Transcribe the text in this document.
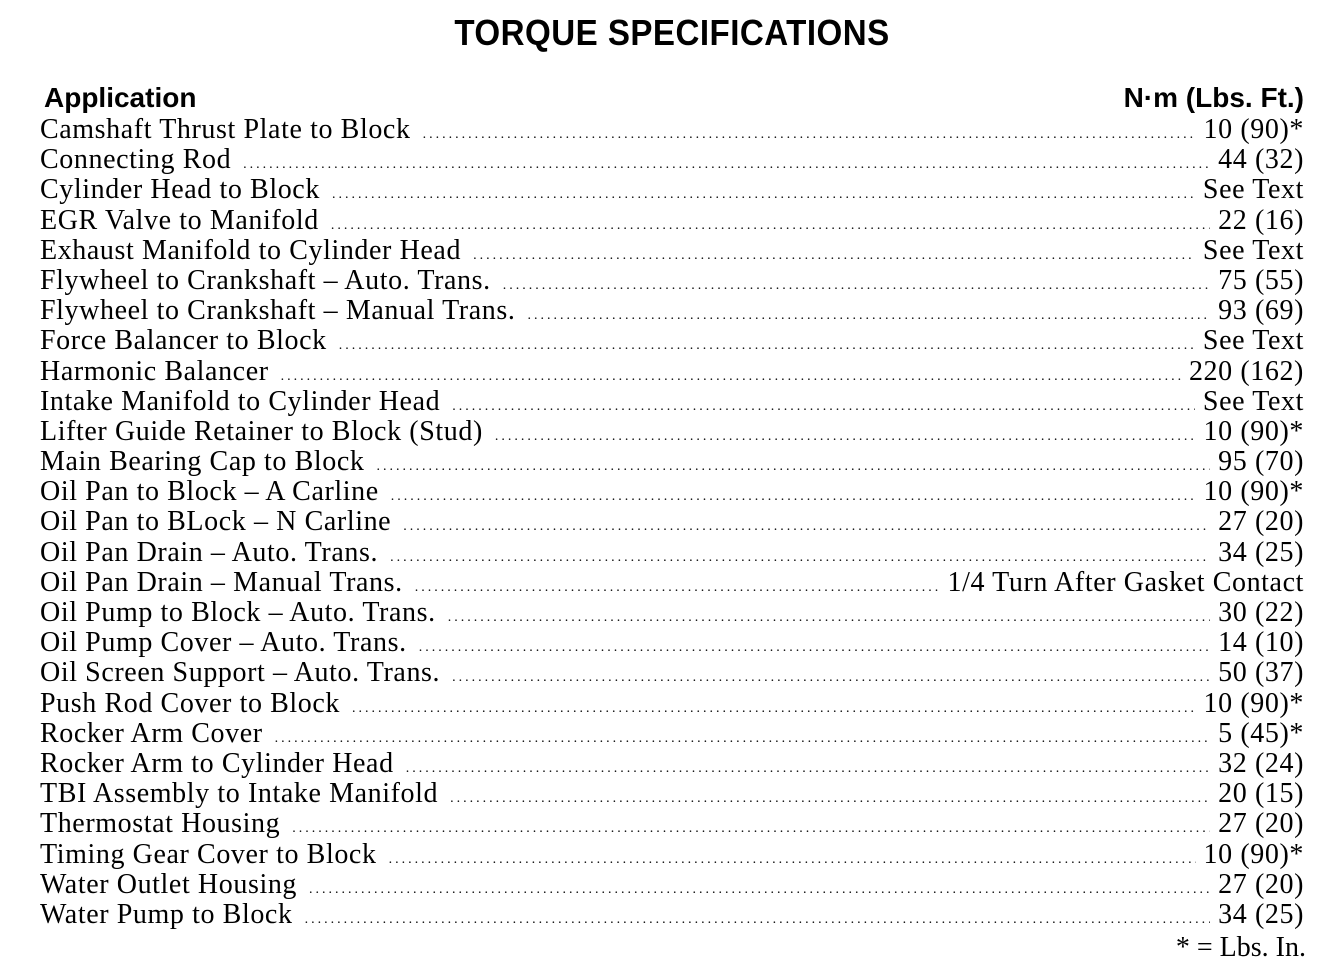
TORQUE SPECIFICATIONS
Application	N·m (Lbs. Ft.)
Camshaft Thrust Plate to Block .....	10 (90)*
Connecting Rod .....	44 (32)
Cylinder Head to Block .....	See Text
EGR Valve to Manifold .....	22 (16)
Exhaust Manifold to Cylinder Head .....	See Text
Flywheel to Crankshaft – Auto. Trans. .....	75 (55)
Flywheel to Crankshaft – Manual Trans. .....	93 (69)
Force Balancer to Block .....	See Text
Harmonic Balancer .....	220 (162)
Intake Manifold to Cylinder Head .....	See Text
Lifter Guide Retainer to Block (Stud) .....	10 (90)*
Main Bearing Cap to Block .....	95 (70)
Oil Pan to Block – A Carline .....	10 (90)*
Oil Pan to BLock – N Carline .....	27 (20)
Oil Pan Drain – Auto. Trans. .....	34 (25)
Oil Pan Drain – Manual Trans. .....	1/4 Turn After Gasket Contact
Oil Pump to Block – Auto. Trans. .....	30 (22)
Oil Pump Cover – Auto. Trans. .....	14 (10)
Oil Screen Support – Auto. Trans. .....	50 (37)
Push Rod Cover to Block .....	10 (90)*
Rocker Arm Cover .....	5 (45)*
Rocker Arm to Cylinder Head .....	32 (24)
TBI Assembly to Intake Manifold .....	20 (15)
Thermostat Housing .....	27 (20)
Timing Gear Cover to Block .....	10 (90)*
Water Outlet Housing .....	27 (20)
Water Pump to Block .....	34 (25)
* = Lbs. In.
